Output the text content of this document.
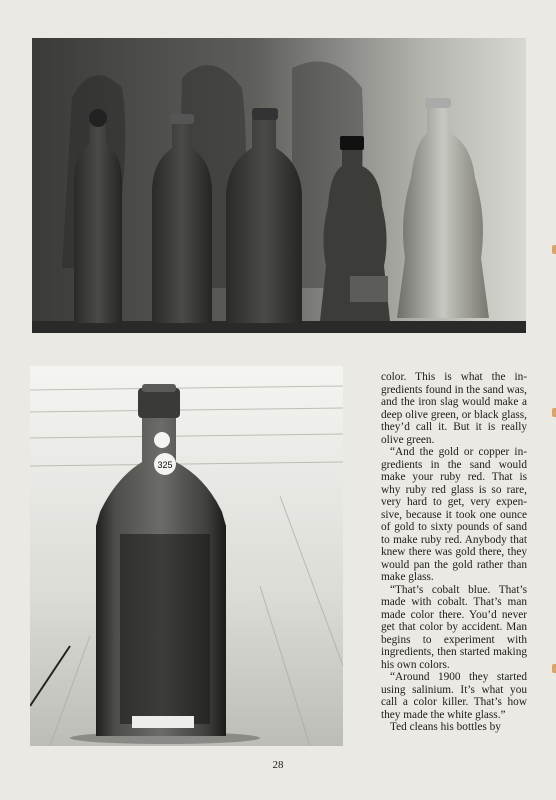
325

color. This is what the ingredients found in the sand was, and the iron slag would make a deep olive green, or black glass, they’d call it. But it is really olive green.

“And the gold or copper ingredients in the sand would make your ruby red. That is why ruby red glass is so rare, very hard to get, very expensive, because it took one ounce of gold to sixty pounds of sand to make ruby red. Anybody that knew there was gold there, they would pan the gold rather than make glass.

“That’s cobalt blue. That’s made with cobalt. That’s man made color there. You’d never get that color by accident. Man begins to experiment with ingredients, then started making his own colors.

“Around 1900 they started using salinium. It’s what you call a color killer. That’s how they made the white glass.”

Ted cleans his bottles by

28
